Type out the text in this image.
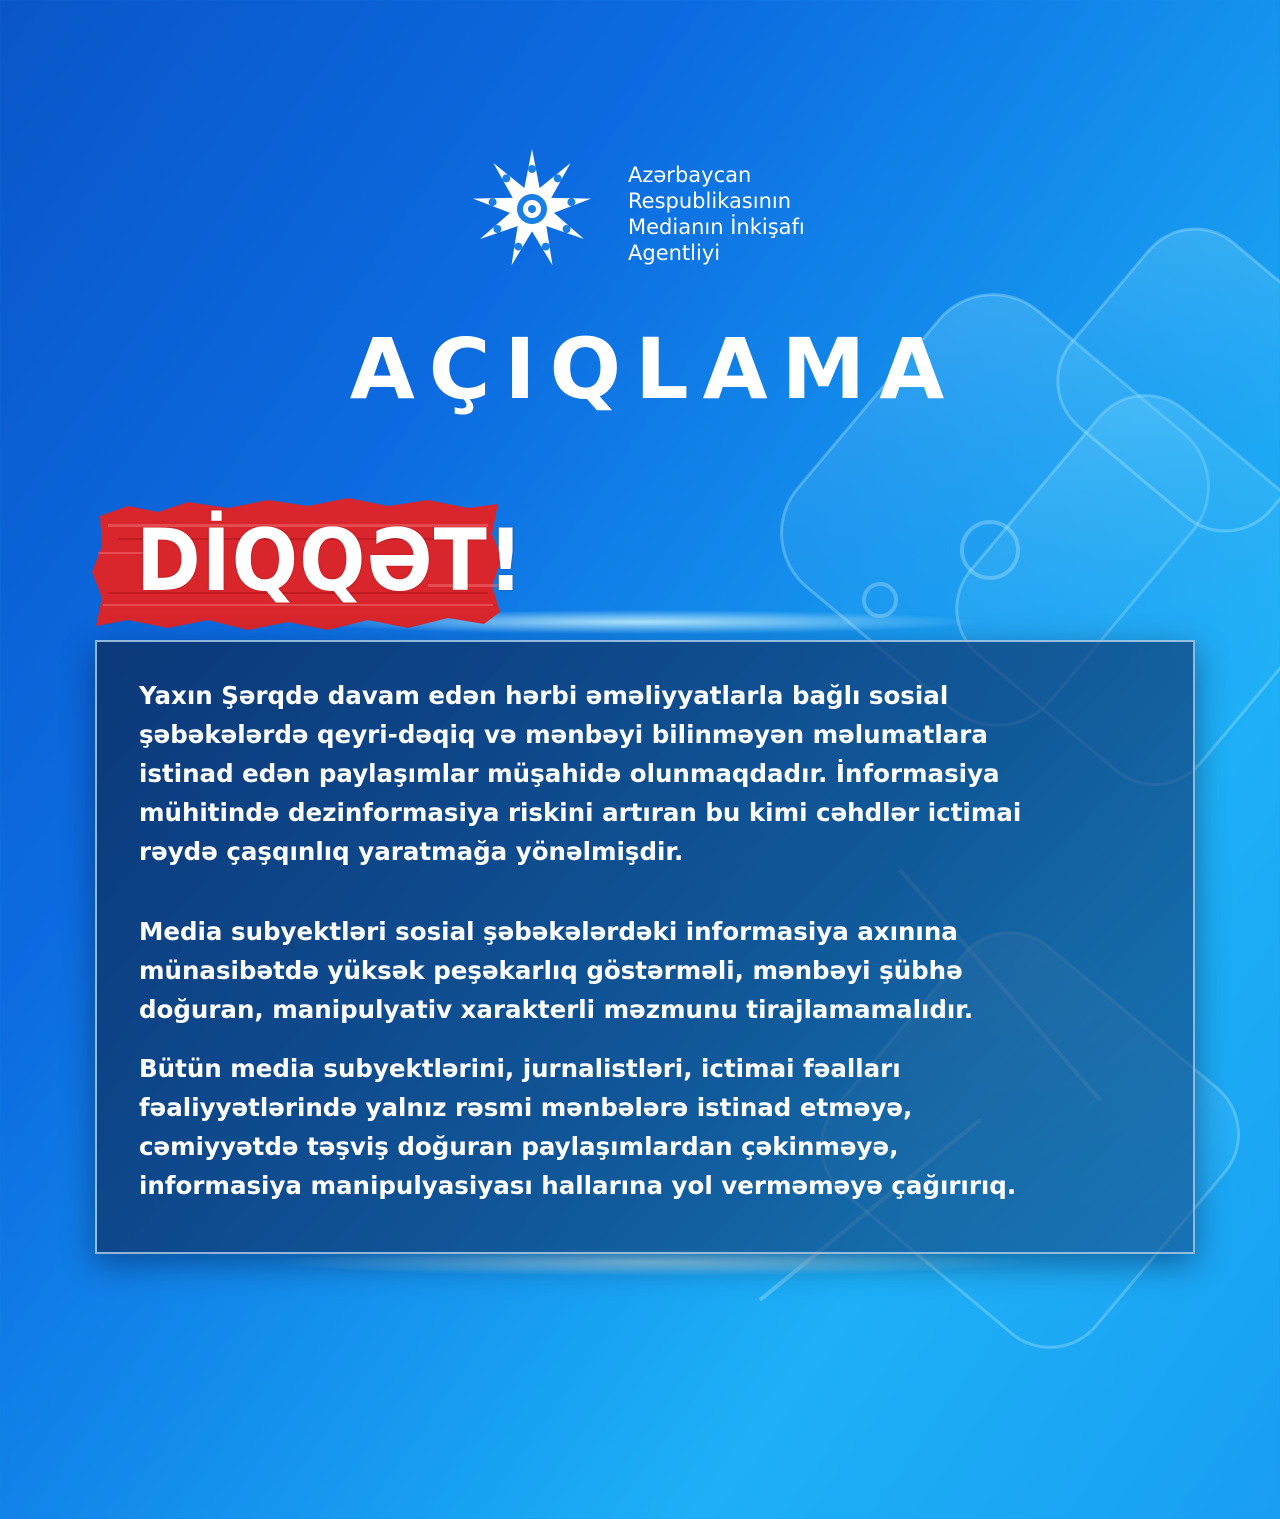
Azərbaycan
Respublikasının
Medianın İnkişafı
Agentliyi
AÇIQLAMA
DİQQƏT!
Yaxın Şərqdə davam edən hərbi əməliyyatlarla bağlı sosial
şəbəkələrdə qeyri-dəqiq və mənbəyi bilinməyən məlumatlara
istinad edən paylaşımlar müşahidə olunmaqdadır. İnformasiya
mühitində dezinformasiya riskini artıran bu kimi cəhdlər ictimai
rəydə çaşqınlıq yaratmağa yönəlmişdir.
Media subyektləri sosial şəbəkələrdəki informasiya axınına
münasibətdə yüksək peşəkarlıq göstərməli, mənbəyi şübhə
doğuran, manipulyativ xarakterli məzmunu tirajlamamalıdır.
Bütün media subyektlərini, jurnalistləri, ictimai fəalları
fəaliyyətlərində yalnız rəsmi mənbələrə istinad etməyə,
cəmiyyətdə təşviş doğuran paylaşımlardan çəkinməyə,
informasiya manipulyasiyası hallarına yol verməməyə çağırırıq.
